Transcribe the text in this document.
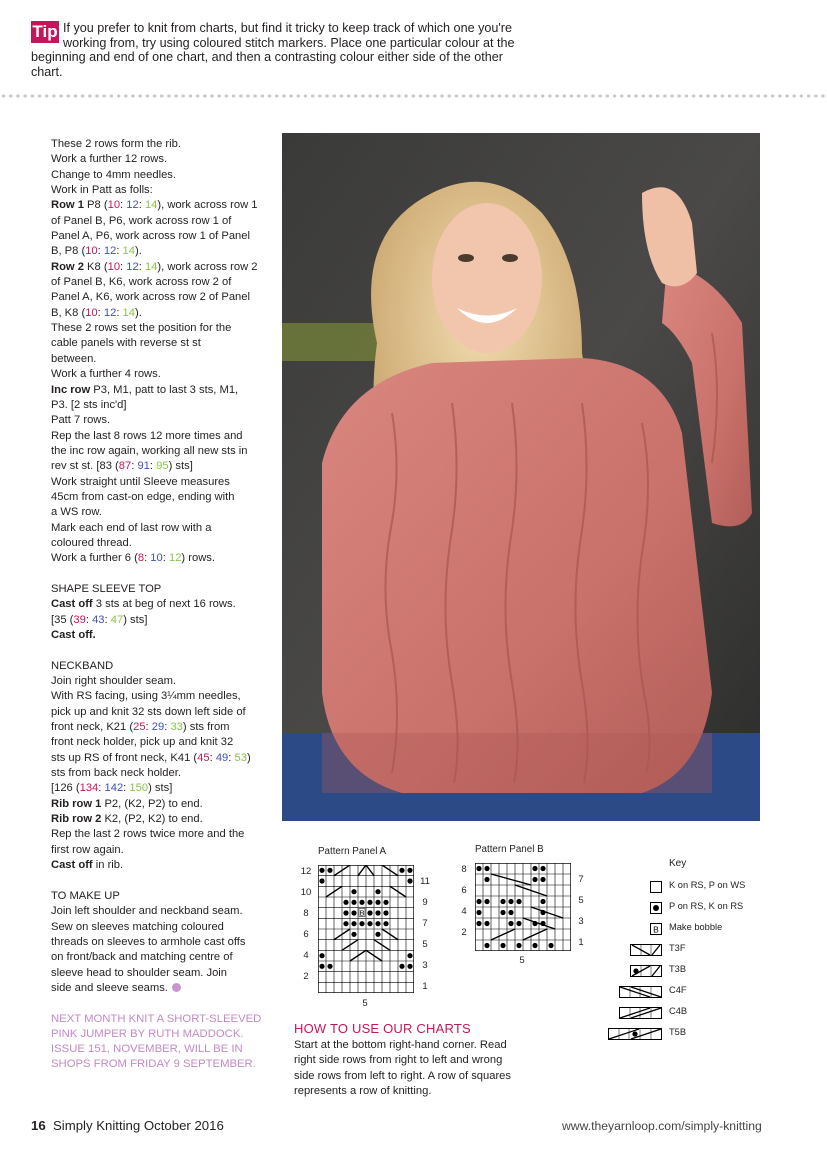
Tip If you prefer to knit from charts, but find it tricky to keep track of which one you're
working from, try using coloured stitch markers. Place one particular colour at the
beginning and end of one chart, and then a contrasting colour either side of the other chart.

These 2 rows form the rib.

Work a further 12 rows.

Change to 4mm needles.

Work in Patt as folls:

Row 1 P8 (10: 12: 14), work across row 1

of Panel B, P6, work across row 1 of

Panel A, P6, work across row 1 of Panel

B, P8 (10: 12: 14).

Row 2 K8 (10: 12: 14), work across row 2

of Panel B, K6, work across row 2 of

Panel A, K6, work across row 2 of Panel

B, K8 (10: 12: 14).

These 2 rows set the position for the

cable panels with reverse st st

between.

Work a further 4 rows.

Inc row P3, M1, patt to last 3 sts, M1,

P3. [2 sts inc'd]

Patt 7 rows.

Rep the last 8 rows 12 more times and

the inc row again, working all new sts in

rev st st. [83 (87: 91: 95) sts]

Work straight until Sleeve measures

45cm from cast-on edge, ending with

a WS row.

Mark each end of last row with a

coloured thread.

Work a further 6 (8: 10: 12) rows.

SHAPE SLEEVE TOP

Cast off 3 sts at beg of next 16 rows.

[35 (39: 43: 47) sts]

Cast off.

NECKBAND

Join right shoulder seam.

With RS facing, using 3¼mm needles,

pick up and knit 32 sts down left side of

front neck, K21 (25: 29: 33) sts from

front neck holder, pick up and knit 32

sts up RS of front neck, K41 (45: 49: 53)

sts from back neck holder.

[126 (134: 142: 150) sts]

Rib row 1 P2, (K2, P2) to end.

Rib row 2 K2, (P2, K2) to end.

Rep the last 2 rows twice more and the

first row again.

Cast off in rib.

TO MAKE UP

Join left shoulder and neckband seam.

Sew on sleeves matching coloured

threads on sleeves to armhole cast offs

on front/back and matching centre of

sleeve head to shoulder seam. Join

side and sleeve seams.

NEXT MONTH KNIT A SHORT-SLEEVED
PINK JUMPER BY RUTH MADDOCK.
ISSUE 151, NOVEMBER, WILL BE IN
SHOPS FROM FRIDAY 9 SEPTEMBER.
Pattern Panel A
12
10
8
6
4
2
11
9
7
5
3
1
5
B
Pattern Panel B
8
6
4
2
7
5
3
1
5
Key
K on RS, P on WS
P on RS, K on RS
B Make bobble
T3F
T3B
C4F
C4B
T5B
HOW TO USE OUR CHARTS
Start at the bottom right-hand corner. Read
right side rows from right to left and wrong
side rows from left to right. A row of squares
represents a row of knitting.
16 Simply Knitting October 2016	www.theyarnloop.com/simply-knitting
